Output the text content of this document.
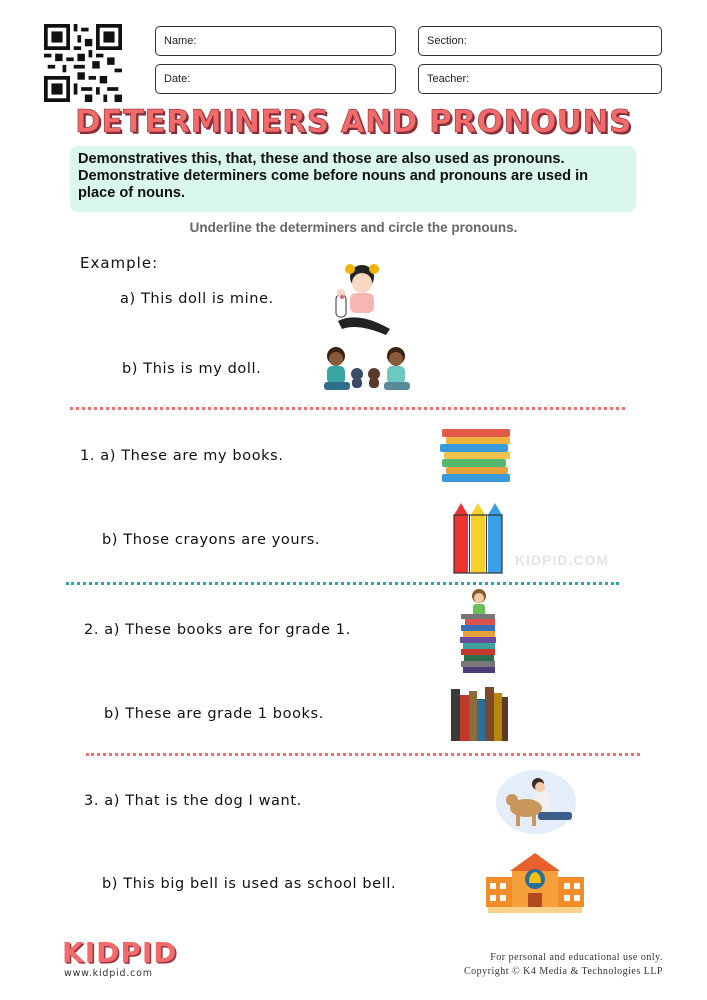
Name:	Section:
Date:	Teacher:
DETERMINERS AND PRONOUNS
Demonstratives this, that, these and those are also used as pronouns. Demonstrative determiners come before nouns and pronouns are used in place of nouns.
Underline the determiners and circle the pronouns.
Example:
a) This doll is mine.
b) This is my doll.
1. a) These are my books.
b) Those crayons are yours.
KIDPID.COM
2. a) These books are for grade 1.
b) These are grade 1 books.
3. a) That is the dog I want.
b) This big bell is used as school bell.
KIDPID
www.kidpid.com
For personal and educational use only.
Copyright © K4 Media & Technologies LLP
